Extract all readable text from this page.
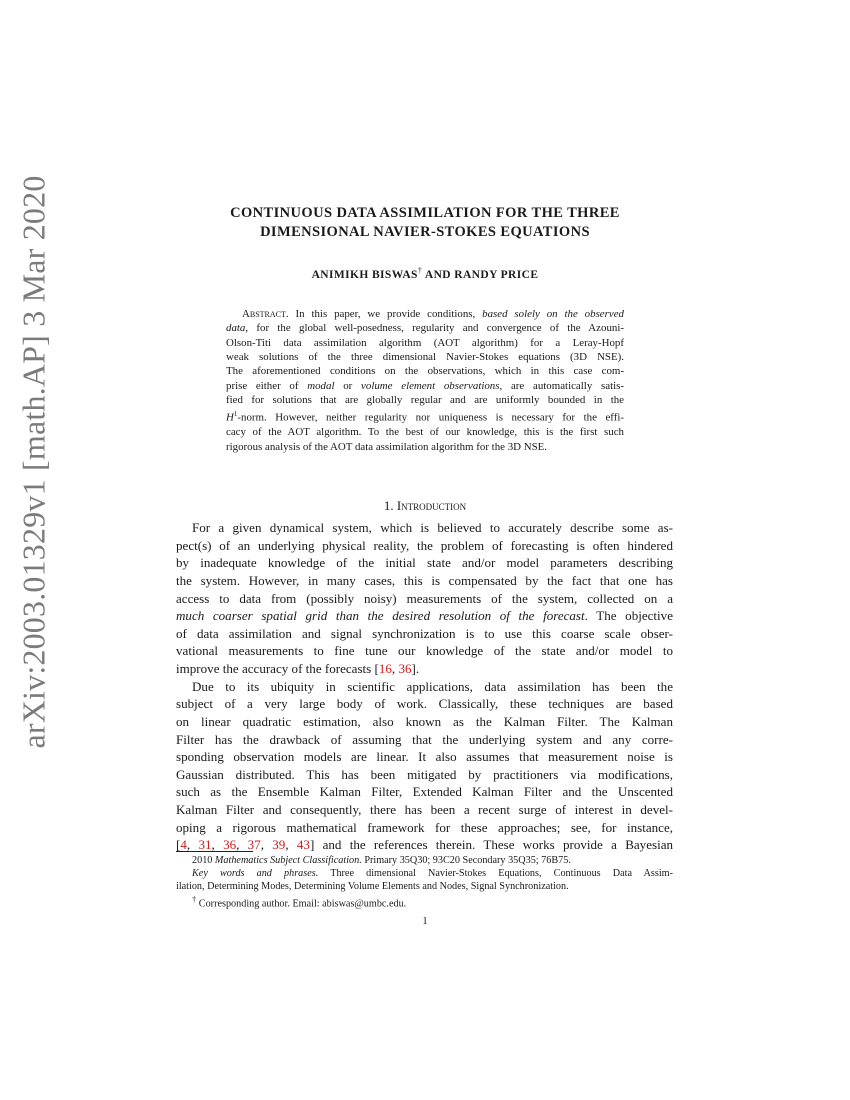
arXiv:2003.01329v1 [math.AP] 3 Mar 2020	CONTINUOUS DATA ASSIMILATION FOR THE THREE
DIMENSIONAL NAVIER-STOKES EQUATIONS
ANIMIKH BISWAS† AND RANDY PRICE
Abstract. In this paper, we provide conditions, based solely on the observed
data, for the global well-posedness, regularity and convergence of the Azouni-
Olson-Titi data assimilation algorithm (AOT algorithm) for a Leray-Hopf
weak solutions of the three dimensional Navier-Stokes equations (3D NSE).
The aforementioned conditions on the observations, which in this case com-
prise either of modal or volume element observations, are automatically satis-
fied for solutions that are globally regular and are uniformly bounded in the
$H^1$-norm. However, neither regularity nor uniqueness is necessary for the effi-
cacy of the AOT algorithm. To the best of our knowledge, this is the first such
rigorous analysis of the AOT data assimilation algorithm for the 3D NSE.
1. Introduction
For a given dynamical system, which is believed to accurately describe some as-
pect(s) of an underlying physical reality, the problem of forecasting is often hindered
by inadequate knowledge of the initial state and/or model parameters describing
the system. However, in many cases, this is compensated by the fact that one has
access to data from (possibly noisy) measurements of the system, collected on a
much coarser spatial grid than the desired resolution of the forecast. The objective
of data assimilation and signal synchronization is to use this coarse scale obser-
vational measurements to fine tune our knowledge of the state and/or model to
improve the accuracy of the forecasts [16, 36].
Due to its ubiquity in scientific applications, data assimilation has been the
subject of a very large body of work. Classically, these techniques are based
on linear quadratic estimation, also known as the Kalman Filter. The Kalman
Filter has the drawback of assuming that the underlying system and any corre-
sponding observation models are linear. It also assumes that measurement noise is
Gaussian distributed. This has been mitigated by practitioners via modifications,
such as the Ensemble Kalman Filter, Extended Kalman Filter and the Unscented
Kalman Filter and consequently, there has been a recent surge of interest in devel-
oping a rigorous mathematical framework for these approaches; see, for instance,
[4, 31, 36, 37, 39, 43] and the references therein. These works provide a Bayesian
2010 Mathematics Subject Classification. Primary 35Q30; 93C20 Secondary 35Q35; 76B75.
Key words and phrases. Three dimensional Navier-Stokes Equations, Continuous Data Assim-
ilation, Determining Modes, Determining Volume Elements and Nodes, Signal Synchronization.
† Corresponding author. Email: abiswas@umbc.edu.
1
